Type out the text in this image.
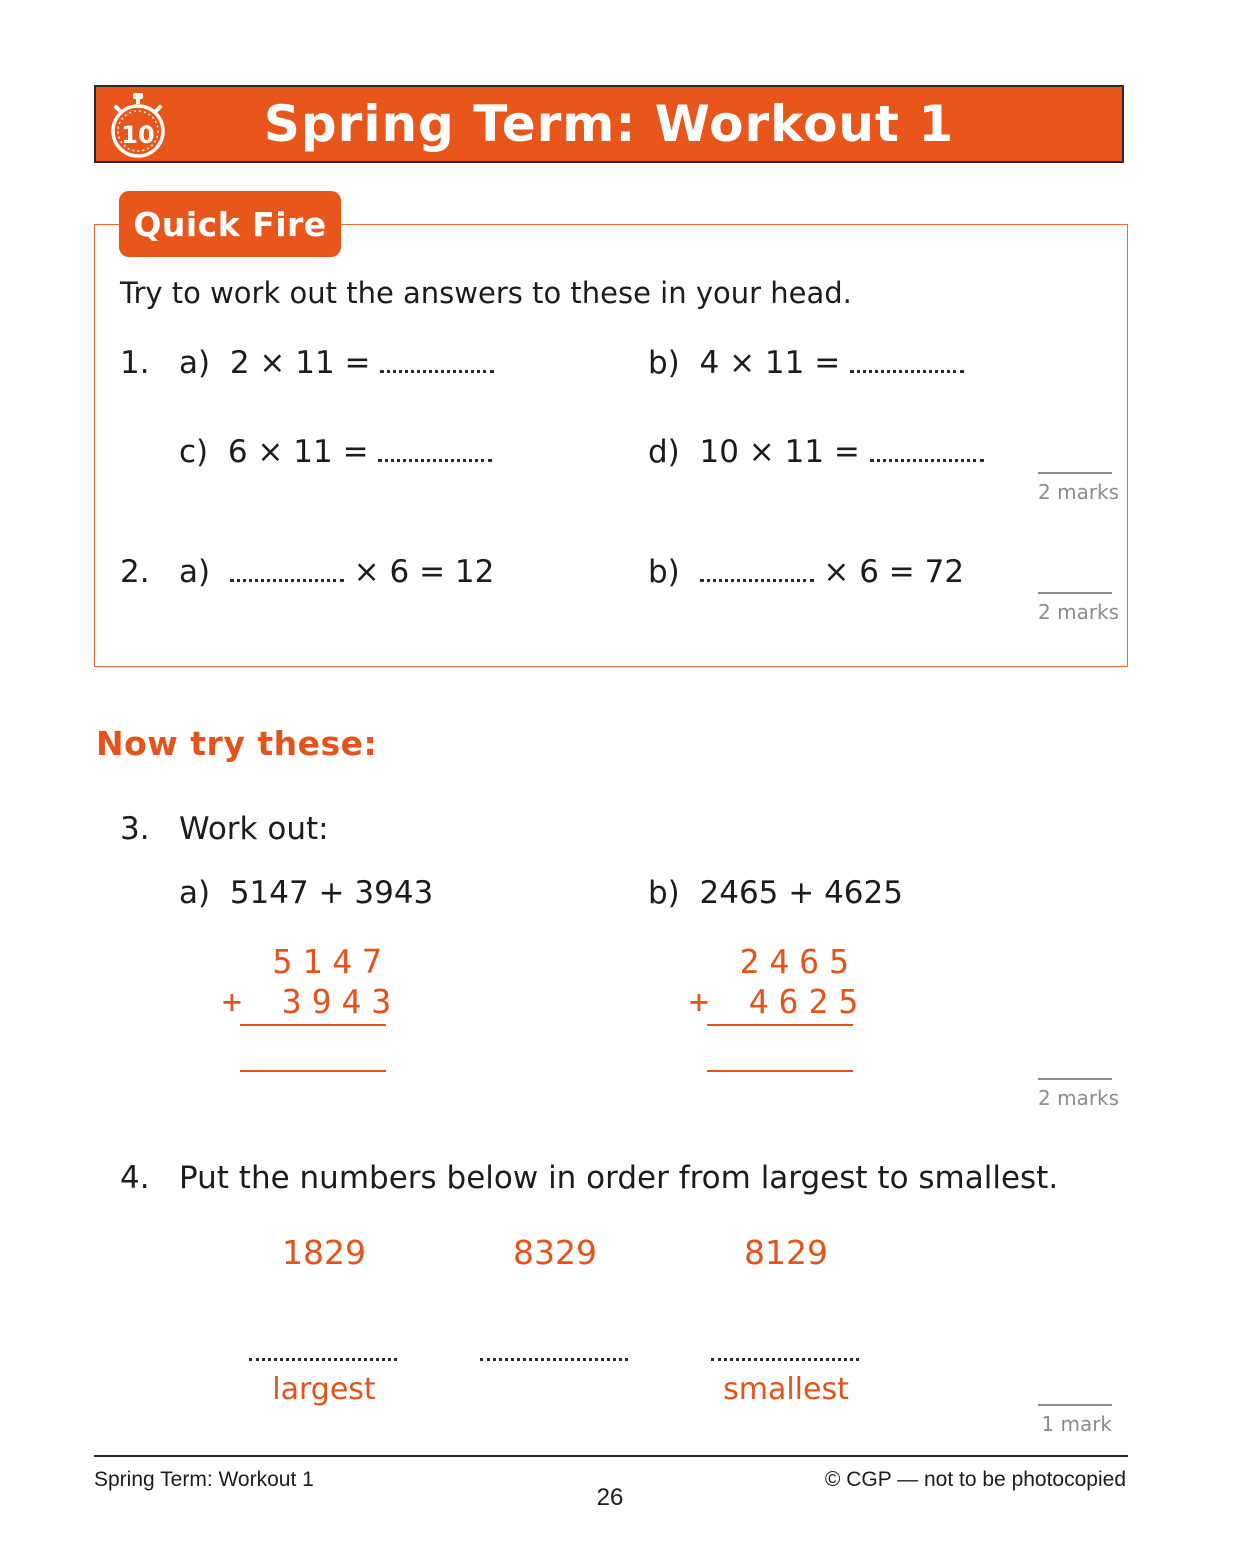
10	Spring Term: Workout 1
Quick Fire
Try to work out the answers to these in your head.
1. a) 2 × 11 =	b) 4 × 11 =
c) 6 × 11 =	d) 10 × 11 =
2 marks
2. a)	× 6 = 12	b)	× 6 = 72
2 marks
Now try these:
3. Work out:
a) 5147 + 3943
5147
+ 3943
b) 2465 + 4625
2465
+ 4625
2 marks
4. Put the numbers below in order from largest to smallest.
1829	8329	8129
largest	smallest
1 mark
Spring Term: Workout 1
26
© CGP — not to be photocopied
